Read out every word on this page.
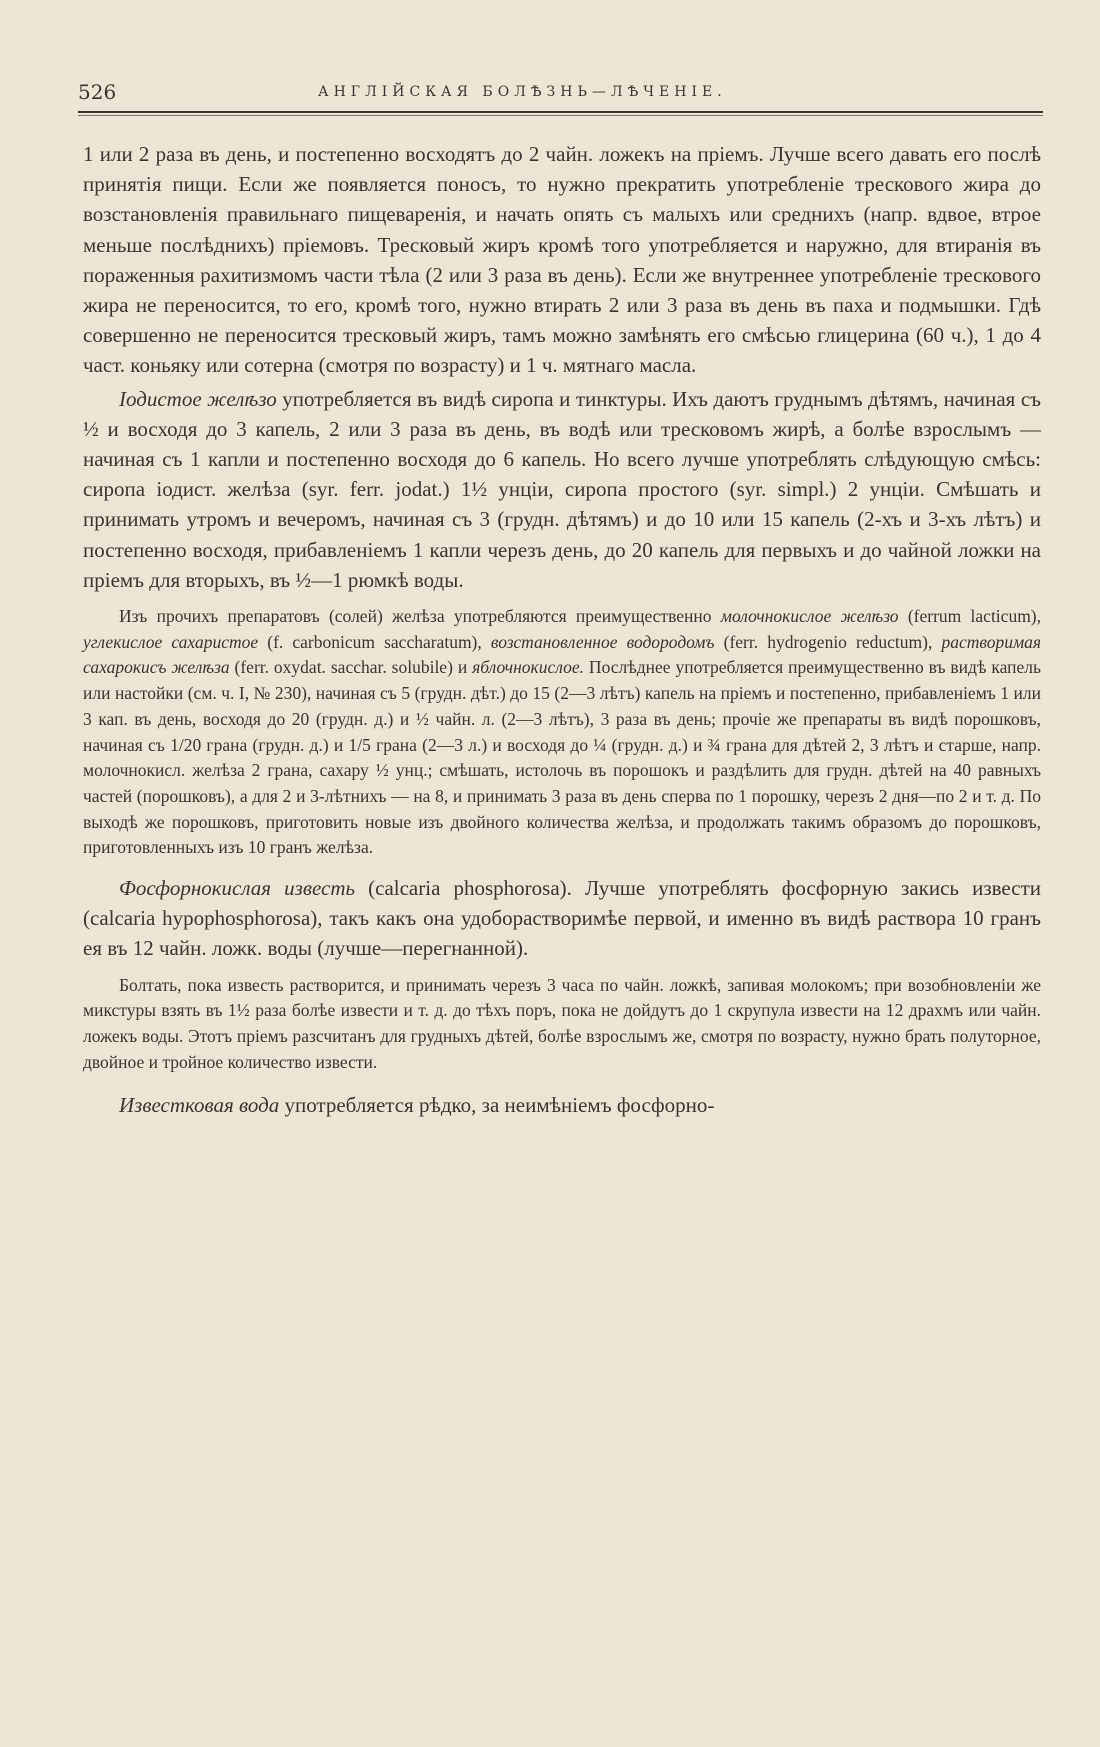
526	АНГЛІЙСКАЯ БОЛѢЗНЬ—ЛѢЧЕНІЕ.

1 или 2 раза въ день, и постепенно восходятъ до 2 чайн. ложекъ на пріемъ. Лучше всего давать его послѣ принятія пищи. Если же появляется поносъ, то нужно прекратить употребленіе трескового жира до возстановленія правильнаго пищеваренія, и начать опять съ малыхъ или среднихъ (напр. вдвое, втрое меньше послѣднихъ) пріемовъ. Тресковый жиръ кромѣ того употребляется и наружно, для втиранія въ пораженныя рахитизмомъ части тѣла (2 или 3 раза въ день). Если же внутреннее употребленіе трескового жира не переносится, то его, кромѣ того, нужно втирать 2 или 3 раза въ день въ паха и подмышки. Гдѣ совершенно не переносится тресковый жиръ, тамъ можно замѣнять его смѣсью глицерина (60 ч.), 1 до 4 част. коньяку или сотерна (смотря по возрасту) и 1 ч. мятнаго масла.

Іодистое желѣзо употребляется въ видѣ сиропа и тинктуры. Ихъ даютъ груднымъ дѣтямъ, начиная съ ½ и восходя до 3 капель, 2 или 3 раза въ день, въ водѣ или тресковомъ жирѣ, а болѣе взрослымъ — начиная съ 1 капли и постепенно восходя до 6 капель. Но всего лучше употреблять слѣдующую смѣсь: сиропа іодист. желѣза (syr. ferr. jodat.) 1½ унціи, сиропа простого (syr. simpl.) 2 унціи. Смѣшать и принимать утромъ и вечеромъ, начиная съ 3 (грудн. дѣтямъ) и до 10 или 15 капель (2-хъ и 3-хъ лѣтъ) и постепенно восходя, прибавленіемъ 1 капли черезъ день, до 20 капель для первыхъ и до чайной ложки на пріемъ для вторыхъ, въ ½—1 рюмкѣ воды.

Изъ прочихъ препаратовъ (солей) желѣза употребляются преимущественно молочнокислое желѣзо (ferrum lacticum), углекислое сахаристое (f. carbonicum saccharatum), возстановленное водородомъ (ferr. hydrogenio reductum), растворимая сахарокисъ желѣза (ferr. oxydat. sacchar. solubile) и яблочнокислое. Послѣднее употребляется преимущественно въ видѣ капель или настойки (см. ч. I, № 230), начиная съ 5 (грудн. дѣт.) до 15 (2—3 лѣтъ) капель на пріемъ и постепенно, прибавленіемъ 1 или 3 кап. въ день, восходя до 20 (грудн. д.) и ½ чайн. л. (2—3 лѣтъ), 3 раза въ день; прочіе же препараты въ видѣ порошковъ, начиная съ 1/20 грана (грудн. д.) и 1/5 грана (2—3 л.) и восходя до ¼ (грудн. д.) и ¾ грана для дѣтей 2, 3 лѣтъ и старше, напр. молочнокисл. желѣза 2 грана, сахару ½ унц.; смѣшать, истолочь въ порошокъ и раздѣлить для грудн. дѣтей на 40 равныхъ частей (порошковъ), а для 2 и 3-лѣтнихъ — на 8, и принимать 3 раза въ день сперва по 1 порошку, черезъ 2 дня—по 2 и т. д. По выходѣ же порошковъ, приготовить новые изъ двойного количества желѣза, и продолжать такимъ образомъ до порошковъ, приготовленныхъ изъ 10 гранъ желѣза.

Фосфорнокислая известь (calcaria phosphorosa). Лучше употреблять фосфорную закись извести (calcaria hypophosphorosa), такъ какъ она удобоpастворимѣе первой, и именно въ видѣ раствора 10 гранъ ея въ 12 чайн. ложк. воды (лучше—перегнанной).

Болтать, пока известь растворится, и принимать черезъ 3 часа по чайн. ложкѣ, запивая молокомъ; при возобновленіи же микстуры взять въ 1½ раза болѣе извести и т. д. до тѣхъ поръ, пока не дойдутъ до 1 скрупула извести на 12 драхмъ или чайн. ложекъ воды. Этотъ пріемъ разсчитанъ для грудныхъ дѣтей, болѣе взрослымъ же, смотря по возрасту, нужно брать полуторное, двойное и тройное количество извести.

Известковая вода употребляется рѣдко, за неимѣніемъ фосфорно-
